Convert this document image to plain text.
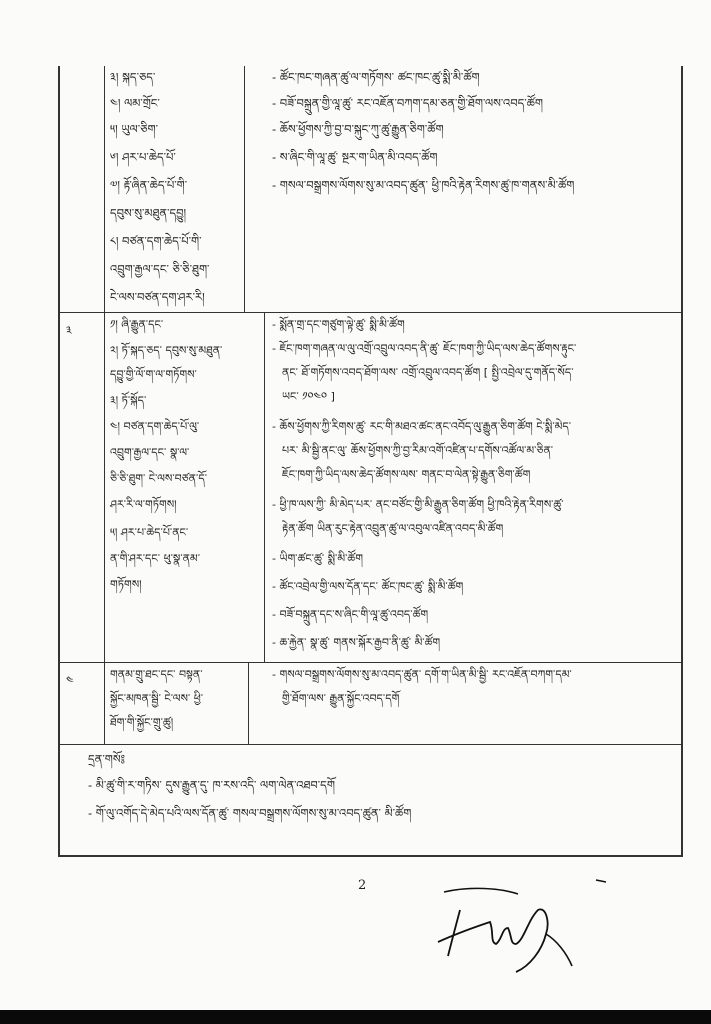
༣། སྐད་ཅད་
༤། ལམ་གྲོང་
༥། ཡུལ་ཅིག་
༦། ཤར་པ་ཆེད་པོ་
༧། རྟོ་ཞིན་ཆེད་པོ་གི་
དབུས་སུ་མཐུན་དབྱུ།
༨། བཙན་དག་ཆེད་པོ་གི་
འབྲུག་རྒྱལ་དང་ ཅི་ཅི་ཐུག་
ངེ་ལས་བཙན་དག་ཤར་རི།
- ཚོང་ཁང་གཞན་ཚུ་ལ་གཏོགས་ ཚང་ཁང་ཚུ་སྨི་མི་ཚོག
- བཟོ་བསྐྲུན་གྱི་ལཱ་ཚུ་ རང་འཇོན་བཀག་དམ་ཅན་གྱི་ཐོག་ལས་འབད་ཚོག
- ཆོས་ཕྱོགས་ཀྱི་བྱ་བ་སྐུང་ཀུ་ཚུ་རྒྱུན་ཅིག་ཚོག
- ས་ཞིང་གི་ལཱ་ཚུ་ སྔར་ག་ཡིན་མི་འབད་ཚོག
- གསལ་བསྒྲགས་ལོགས་སུ་མ་འབད་ཚུན་ ཕྱི་ཁའི་རྟེན་རིགས་ཚུ་ཁ་གནས་མི་ཚོག
༣	༡། ཞི་རྒྱུན་དང་
༢། ཏོ་སྐད་ཅད་ དབུས་སུ་མཐུན་
དབྱུ་གྱི་ལོ་ག་ལ་གཏོགས་
༣། ཏོ་སྐོད་
༤། བཙན་དག་ཆེད་པོ་ལུ་
འབྲུག་རྒྱལ་དང་ སྣ་ལ་
ཅི་ཅི་ཐུག་ ངེ་ལས་བཙན་དོ་
ཤར་རི་ལ་གཏོགས།
༥། ཤར་པ་ཆེད་པོ་ནང་
ན་གི་ཤར་དང་ ཕུ་སྣ་ནམ་
གཏོགས།
- སྨོན་གྲ་དང་གཙུག་ལྟེ་ཚུ་ སྨི་མི་ཚོག
- ཇོང་ཁག་གཞན་ལ་ལུ་འགྲོ་འབྲུལ་འབད་ནི་ཚུ་ ཇོང་ཁག་ཀྱི་ཡིད་ལས་ཆེད་ཚོགས་རྟུང་
ནང་ ཐོ་གཏོགས་འབད་ཐོག་ལས་ འགྲོ་འབྲུལ་འབད་ཚོག [ སྤྱི་འབྲེལ་དུ་གནོད་སོད་
ཡང་ ༡༠༤༠ ]
- ཆོས་ཕྱོགས་ཀྱི་རིགས་ཚུ་ རང་གི་མཐའ་ཚང་ནང་འབོད་ལུ་རྒྱུན་ཅིག་ཚོག ངེ་སྨི་མེད་
པར་ མི་སྦྱི་ནང་ལུ་ ཆོས་ཕྱོགས་ཀྱི་བྱ་རིམ་འགོ་འཛིན་པ་དགོས་འཚོལ་མ་ཅིན་
ཇོང་ཁག་ཀྱི་ཡིད་ལས་ཆེད་ཚོགས་ལས་ གནང་བ་ལེན་སྟེ་རྒྱུན་ཅིག་ཚོག
- ཕྱི་ཁ་ལས་ཀྱི་ མི་མེད་པར་ ནང་བཙོང་གྱི་མི་རྒྱུན་ཅིག་ཚོག ཕྱི་ཁའི་རྟེན་རིགས་ཚུ་
རྟེན་ཚོག ཡིན་རུང་རྟེན་འབྲུན་ཚུ་ལ་འབུལ་འཛིན་འབད་མི་ཚོག
- ཡིག་ཚང་ཚུ་ སྨི་མི་ཚོག
- ཚོང་འབྲེལ་གྱི་ལས་དོན་དང་ ཚོང་ཁང་ཚུ་ སྨི་མི་ཚོག
- བཟོ་བསྐྲུན་དང་ས་ཞིང་གི་ལཱ་ཚུ་འབད་ཚོག
- ཆ་རྐྱེན་ སྣ་ཚུ་ གནས་སྐོར་རྒྱབ་ནི་ཚུ་ མི་ཚོག
༤	གནམ་གྲུ་ཐང་དང་ བསྟན་
སྐྱོང་མཁན་སྦྱི་ ངེ་ལས་ ཕྱི་
ཐོག་གི་སྐྱོང་གྲུ་ཚུ།
- གསལ་བསྒྲགས་ལོགས་སུ་མ་འབད་ཚུན་ དགོ་ག་ཡིན་མི་སྦྱི་ རང་འཇོན་བཀག་དམ་
གྱི་ཐོག་ལས་ རྒྱུན་སྐྱོང་འབད་དགོ
དྲན་གསོ༔
- མི་ཚུ་གི་ར་གཏིས་ དུས་རྒྱུན་དུ་ ཁ་རས་འདི་ ལག་ལེན་འཐབ་དགོ
- གོ་ལུ་འགོད་དེ་མེད་པའི་ལས་དོན་ཚུ་ གསལ་བསྒྲགས་ལོགས་སུ་མ་འབད་ཚུན་ མི་ཚོག
2
